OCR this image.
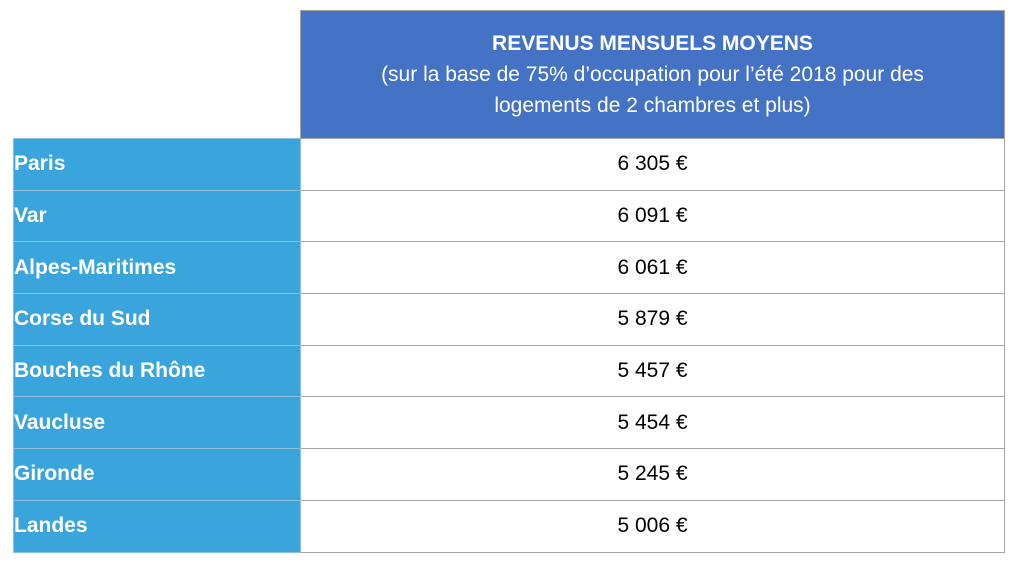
	REVENUS MENSUELS MOYENS
(sur la base de 75% d’occupation pour l’été 2018 pour des
logements de 2 chambres et plus)

Paris	6 305 €
Var	6 091 €
Alpes-Maritimes	6 061 €
Corse du Sud	5 879 €
Bouches du Rhône	5 457 €
Vaucluse	5 454 €
Gironde	5 245 €
Landes	5 006 €
